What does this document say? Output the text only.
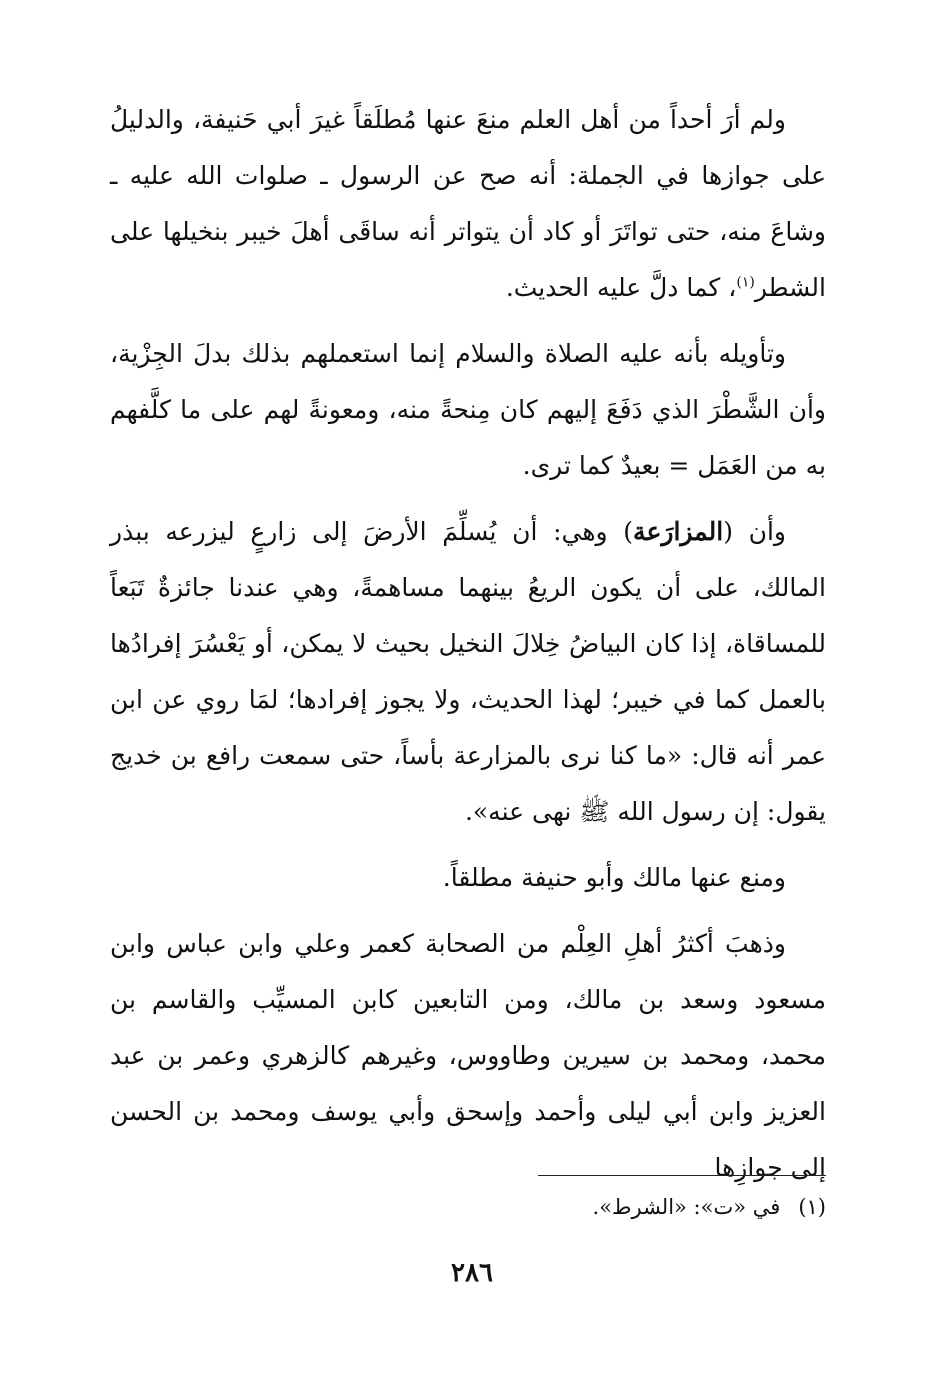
ولم أرَ أحداً من أهل العلم منعَ عنها مُطلَقاً غيرَ أبي حَنيفة، والدليلُ على جوازها في الجملة: أنه صح عن الرسول ـ صلوات الله عليه ـ وشاعَ منه، حتى تواتَرَ أو كاد أن يتواتر أنه ساقَى أهلَ خيبر بنخيلها على الشطر$^{(١)}$، كما دلَّ عليه الحديث.

وتأويله بأنه عليه الصلاة والسلام إنما استعملهم بذلك بدلَ الجِزْية، وأن الشَّطْرَ الذي دَفَعَ إليهم كان مِنحةً منه، ومعونةً لهم على ما كلَّفهم به من العَمَل = بعيدٌ كما ترى.

وأن (المزارَعة) وهي: أن يُسلِّمَ الأرضَ إلى زارعٍ ليزرعه ببذر المالك، على أن يكون الريعُ بينهما مساهمةً، وهي عندنا جائزةٌ تَبَعاً للمساقاة، إذا كان البياضُ خِلالَ النخيل بحيث لا يمكن، أو يَعْسُرَ إفرادُها بالعمل كما في خيبر؛ لهذا الحديث، ولا يجوز إفرادها؛ لمَا روي عن ابن عمر أنه قال: «ما كنا نرى بالمزارعة بأساً، حتى سمعت رافع بن خديج يقول: إن رسول الله ﷺ نهى عنه».

ومنع عنها مالك وأبو حنيفة مطلقاً.

وذهبَ أكثرُ أهلِ العِلْم من الصحابة كعمر وعلي وابن عباس وابن مسعود وسعد بن مالك، ومن التابعين كابن المسيِّب والقاسم بن محمد، ومحمد بن سيرين وطاووس، وغيرهم كالزهري وعمر بن عبد العزيز وابن أبي ليلى وأحمد وإسحق وأبي يوسف ومحمد بن الحسن إلى جوازِها

(١)في «ت»: «الشرط».
٢٨٦
